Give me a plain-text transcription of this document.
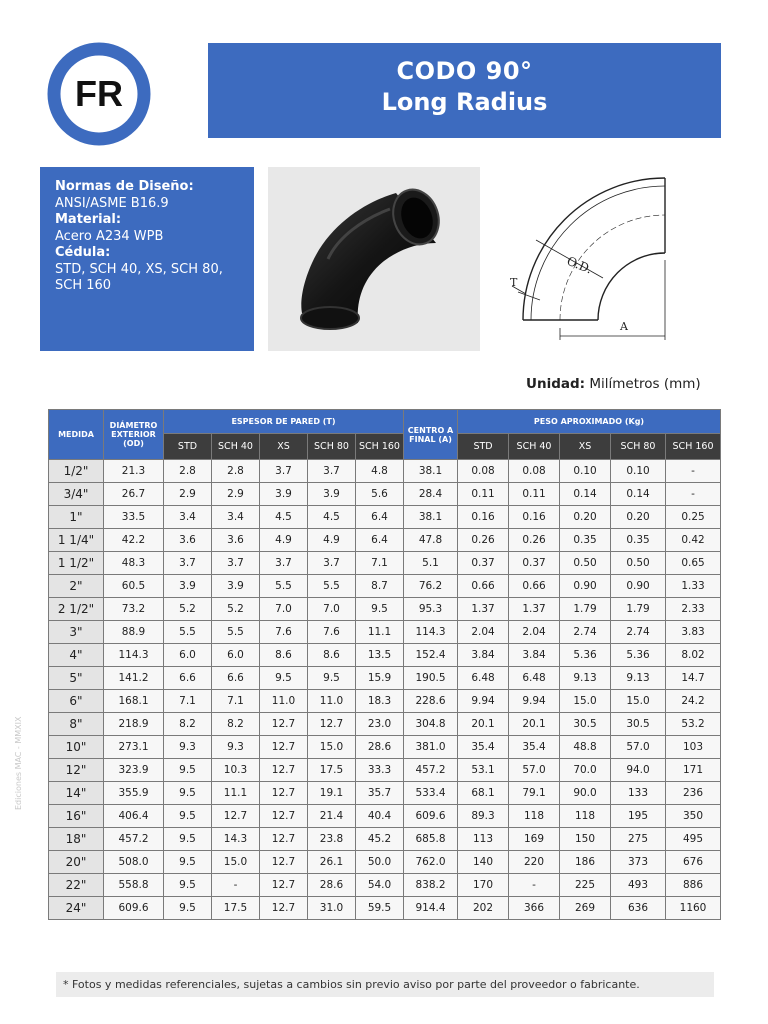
FR
CODO 90°
Long Radius
Normas de Diseño:
ANSI/ASME B16.9
Material:
Acero A234 WPB
Cédula:
STD, SCH 40, XS, SCH 80,
SCH 160
O.D.
T
A
Unidad: Milímetros (mm)
Ediciones MAC - MMXIX
MEDIDA	DIÁMETRO EXTERIOR (OD)	ESPESOR DE PARED (T)					CENTRO A FINAL (A)	PESO APROXIMADO (Kg)				
		STD	SCH 40	XS	SCH 80	SCH 160		STD	SCH 40	XS	SCH 80	SCH 160
1/2"	21.3	2.8	2.8	3.7	3.7	4.8	38.1	0.08	0.08	0.10	0.10	-
3/4"	26.7	2.9	2.9	3.9	3.9	5.6	28.4	0.11	0.11	0.14	0.14	-
1"	33.5	3.4	3.4	4.5	4.5	6.4	38.1	0.16	0.16	0.20	0.20	0.25
1 1/4"	42.2	3.6	3.6	4.9	4.9	6.4	47.8	0.26	0.26	0.35	0.35	0.42
1 1/2"	48.3	3.7	3.7	3.7	3.7	7.1	5.1	0.37	0.37	0.50	0.50	0.65
2"	60.5	3.9	3.9	5.5	5.5	8.7	76.2	0.66	0.66	0.90	0.90	1.33
2 1/2"	73.2	5.2	5.2	7.0	7.0	9.5	95.3	1.37	1.37	1.79	1.79	2.33
3"	88.9	5.5	5.5	7.6	7.6	11.1	114.3	2.04	2.04	2.74	2.74	3.83
4"	114.3	6.0	6.0	8.6	8.6	13.5	152.4	3.84	3.84	5.36	5.36	8.02
5"	141.2	6.6	6.6	9.5	9.5	15.9	190.5	6.48	6.48	9.13	9.13	14.7
6"	168.1	7.1	7.1	11.0	11.0	18.3	228.6	9.94	9.94	15.0	15.0	24.2
8"	218.9	8.2	8.2	12.7	12.7	23.0	304.8	20.1	20.1	30.5	30.5	53.2
10"	273.1	9.3	9.3	12.7	15.0	28.6	381.0	35.4	35.4	48.8	57.0	103
12"	323.9	9.5	10.3	12.7	17.5	33.3	457.2	53.1	57.0	70.0	94.0	171
14"	355.9	9.5	11.1	12.7	19.1	35.7	533.4	68.1	79.1	90.0	133	236
16"	406.4	9.5	12.7	12.7	21.4	40.4	609.6	89.3	118	118	195	350
18"	457.2	9.5	14.3	12.7	23.8	45.2	685.8	113	169	150	275	495
20"	508.0	9.5	15.0	12.7	26.1	50.0	762.0	140	220	186	373	676
22"	558.8	9.5	-	12.7	28.6	54.0	838.2	170	-	225	493	886
24"	609.6	9.5	17.5	12.7	31.0	59.5	914.4	202	366	269	636	1160
* Fotos y medidas referenciales, sujetas a cambios sin previo aviso por parte del proveedor o fabricante.
